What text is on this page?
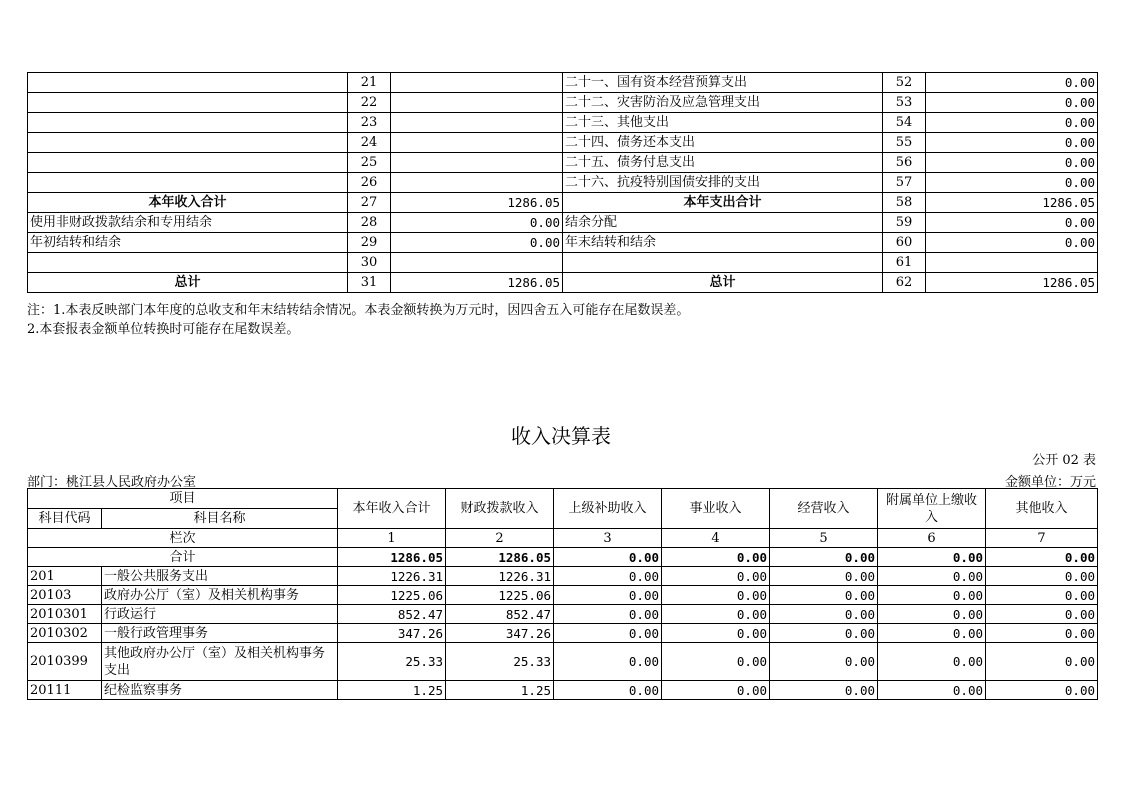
	21		二十一、国有资本经营预算支出	52	0.00
	22		二十二、灾害防治及应急管理支出	53	0.00
	23		二十三、其他支出	54	0.00
	24		二十四、债务还本支出	55	0.00
	25		二十五、债务付息支出	56	0.00
	26		二十六、抗疫特别国债安排的支出	57	0.00
本年收入合计	27	1286.05	本年支出合计	58	1286.05
使用非财政拨款结余和专用结余	28	0.00	结余分配	59	0.00
年初结转和结余	29	0.00	年末结转和结余	60	0.00
	30			61	
总计	31	1286.05	总计	62	1286.05
注：1.本表反映部门本年度的总收支和年末结转结余情况。本表金额转换为万元时，因四舍五入可能存在尾数误差。
2.本套报表金额单位转换时可能存在尾数误差。
收入决算表
公开 02 表
部门：桃江县人民政府办公室	金额单位：万元
项目		本年收入合计	财政拨款收入	上级补助收入	事业收入	经营收入	附属单位上缴收入	其他收入
科目代码	科目名称							
栏次		1	2	3	4	5	6	7
合计		1286.05	1286.05	0.00	0.00	0.00	0.00	0.00
201	一般公共服务支出	1226.31	1226.31	0.00	0.00	0.00	0.00	0.00
20103	政府办公厅（室）及相关机构事务	1225.06	1225.06	0.00	0.00	0.00	0.00	0.00
2010301	行政运行	852.47	852.47	0.00	0.00	0.00	0.00	0.00
2010302	一般行政管理事务	347.26	347.26	0.00	0.00	0.00	0.00	0.00
2010399	其他政府办公厅（室）及相关机构事务支出	25.33	25.33	0.00	0.00	0.00	0.00	0.00
20111	纪检监察事务	1.25	1.25	0.00	0.00	0.00	0.00	0.00
